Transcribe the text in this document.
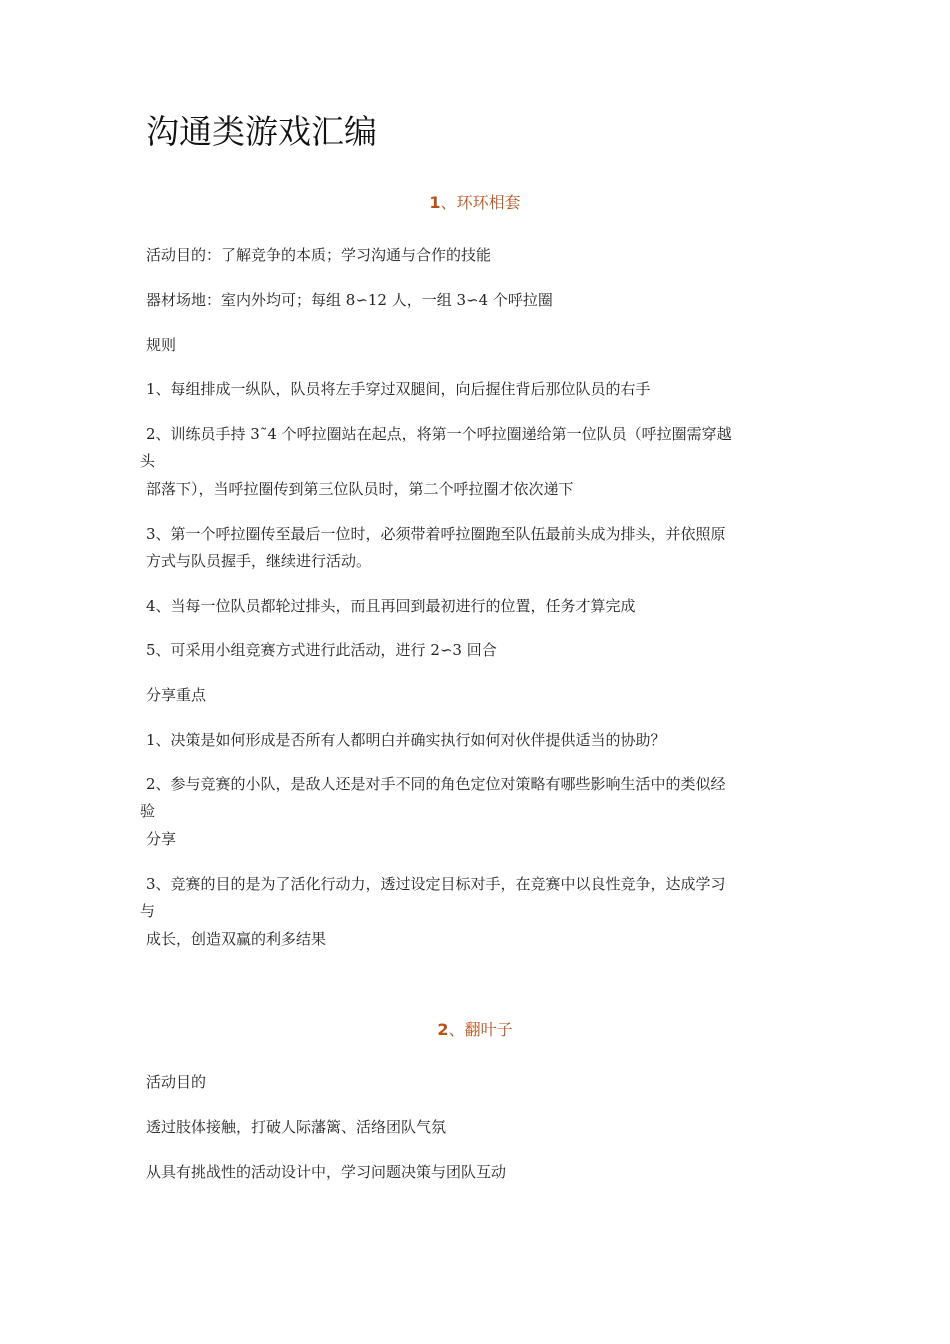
沟通类游戏汇编
1、环环相套
活动目的：了解竞争的本质；学习沟通与合作的技能
器材场地：室内外均可；每组 8∽12 人，一组 3∽4 个呼拉圈
规则
1、每组排成一纵队，队员将左手穿过双腿间，向后握住背后那位队员的右手
2、训练员手持 3˜4 个呼拉圈站在起点，将第一个呼拉圈递给第一位队员（呼拉圈需穿越
头
部落下），当呼拉圈传到第三位队员时，第二个呼拉圈才依次递下
3、第一个呼拉圈传至最后一位时，必须带着呼拉圈跑至队伍最前头成为排头，并依照原
方式与队员握手，继续进行活动。
4、当每一位队员都轮过排头，而且再回到最初进行的位置，任务才算完成
5、可采用小组竞赛方式进行此活动，进行 2∽3 回合
分享重点
1、决策是如何形成是否所有人都明白并确实执行如何对伙伴提供适当的协助？
2、参与竞赛的小队，是敌人还是对手不同的角色定位对策略有哪些影响生活中的类似经
验
分享
3、竞赛的目的是为了活化行动力，透过设定目标对手，在竞赛中以良性竞争，达成学习
与
成长，创造双赢的利多结果
2、翻叶子
活动目的
透过肢体接触，打破人际藩篱、活络团队气氛
从具有挑战性的活动设计中，学习问题决策与团队互动
